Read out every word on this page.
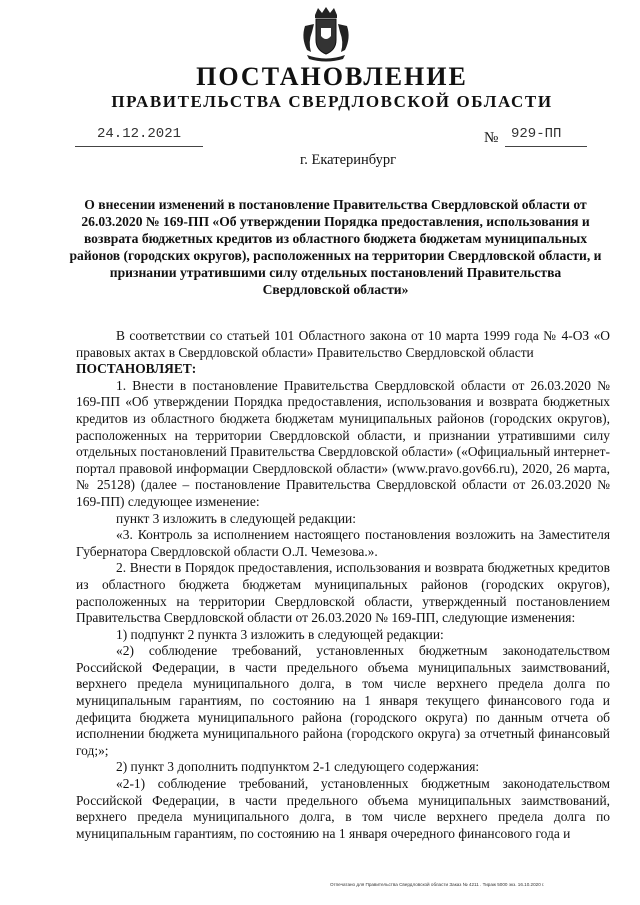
ПОСТАНОВЛЕНИЕ
ПРАВИТЕЛЬСТВА СВЕРДЛОВСКОЙ ОБЛАСТИ
24.12.2021	№ 929-ПП
г. Екатеринбург
О внесении изменений в постановление Правительства Свердловской области от 26.03.2020 № 169-ПП «Об утверждении Порядка предоставления, использования и возврата бюджетных кредитов из областного бюджета бюджетам муниципальных районов (городских округов), расположенных на территории Свердловской области, и признании утратившими силу отдельных постановлений Правительства Свердловской области»

В соответствии со статьей 101 Областного закона от 10 марта 1999 года № 4-ОЗ «О правовых актах в Свердловской области» Правительство Свердловской области

ПОСТАНОВЛЯЕТ:

1. Внести в постановление Правительства Свердловской области от 26.03.2020 № 169-ПП «Об утверждении Порядка предоставления, использования и возврата бюджетных кредитов из областного бюджета бюджетам муниципальных районов (городских округов), расположенных на территории Свердловской области, и признании утратившими силу отдельных постановлений Правительства Свердловской области» («Официальный интернет-портал правовой информации Свердловской области» (www.pravo.gov66.ru), 2020, 26 марта, № 25128) (далее – постановление Правительства Свердловской области от 26.03.2020 № 169-ПП) следующее изменение:

пункт 3 изложить в следующей редакции:

«3. Контроль за исполнением настоящего постановления возложить на Заместителя Губернатора Свердловской области О.Л. Чемезова.».

2. Внести в Порядок предоставления, использования и возврата бюджетных кредитов из областного бюджета бюджетам муниципальных районов (городских округов), расположенных на территории Свердловской области, утвержденный постановлением Правительства Свердловской области от 26.03.2020 № 169-ПП, следующие изменения:

1) подпункт 2 пункта 3 изложить в следующей редакции:

«2) соблюдение требований, установленных бюджетным законодательством Российской Федерации, в части предельного объема муниципальных заимствований, верхнего предела муниципального долга, в том числе верхнего предела долга по муниципальным гарантиям, по состоянию на 1 января текущего финансового года и дефицита бюджета муниципального района (городского округа) по данным отчета об исполнении бюджета муниципального района (городского округа) за отчетный финансовый год;»;

2) пункт 3 дополнить подпунктом 2-1 следующего содержания:

«2-1) соблюдение требований, установленных бюджетным законодательством Российской Федерации, в части предельного объема муниципальных заимствований, верхнего предела муниципального долга, в том числе верхнего предела долга по муниципальным гарантиям, по состоянию на 1 января очередного финансового года и

Отпечатано для Правительства Свердловской области Заказ № 4211 . Тираж 5000 экз. 16.10.2020 г.
